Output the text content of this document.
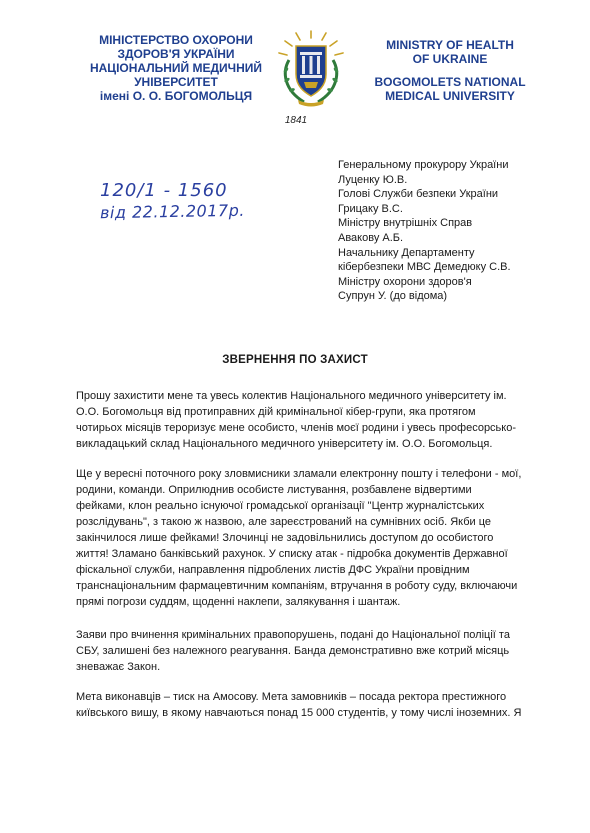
МІНІСТЕРСТВО ОХОРОНИ
ЗДОРОВ'Я УКРАЇНИ
НАЦІОНАЛЬНИЙ МЕДИЧНИЙ
УНІВЕРСИТЕТ
імені О. О. БОГОМОЛЬЦЯ
1841
MINISTRY OF HEALTH
OF UKRAINE
BOGOMOLETS NATIONAL
MEDICAL UNIVERSITY
120/1 - 1560
від 22.12.2017р.
Генеральному прокурору України
Луценку Ю.В.
Голові Служби безпеки України
Грицаку В.С.
Міністру внутрішніх Справ
Авакову А.Б.
Начальнику Департаменту
кібербезпеки МВС Демедюку С.В.
Міністру охорони здоров'я
Супрун У. (до відома)
ЗВЕРНЕННЯ ПО ЗАХИСТ
Прошу захистити мене та увесь колектив Національного медичного університету ім.
О.О. Богомольця від протиправних дій кримінальної кібер-групи, яка протягом
чотирьох місяців тероризує мене особисто, членів моєї родини і увесь професорсько-
викладацький склад Національного медичного університету ім. О.О. Богомольця.
Ще у вересні поточного року зловмисники зламали електронну пошту і телефони - мої,
родини, команди. Оприлюднив особисте листування, розбавлене відвертими
фейками, клон реально існуючої громадської організації "Центр журналістських
розслідувань", з такою ж назвою, але зареєстрований на сумнівних осіб. Якби це
закінчилося лише фейками! Злочинці не задовільнились доступом до особистого
життя! Зламано банківський рахунок. У списку атак - підробка документів Державної
фіскальної служби, направлення підроблених листів ДФС України провідним
транснаціональним фармацевтичним компаніям, втручання в роботу суду, включаючи
прямі погрози суддям, щоденні наклепи, залякування і шантаж.
Заяви про вчинення кримінальних правопорушень, подані до Національної поліції та
СБУ, залишені без належного реагування. Банда демонстративно вже котрий місяць
зневажає Закон.
Мета виконавців – тиск на Амосову. Мета замовників – посада ректора престижного
київського вишу, в якому навчаються понад 15 000 студентів, у тому числі іноземних. Я
